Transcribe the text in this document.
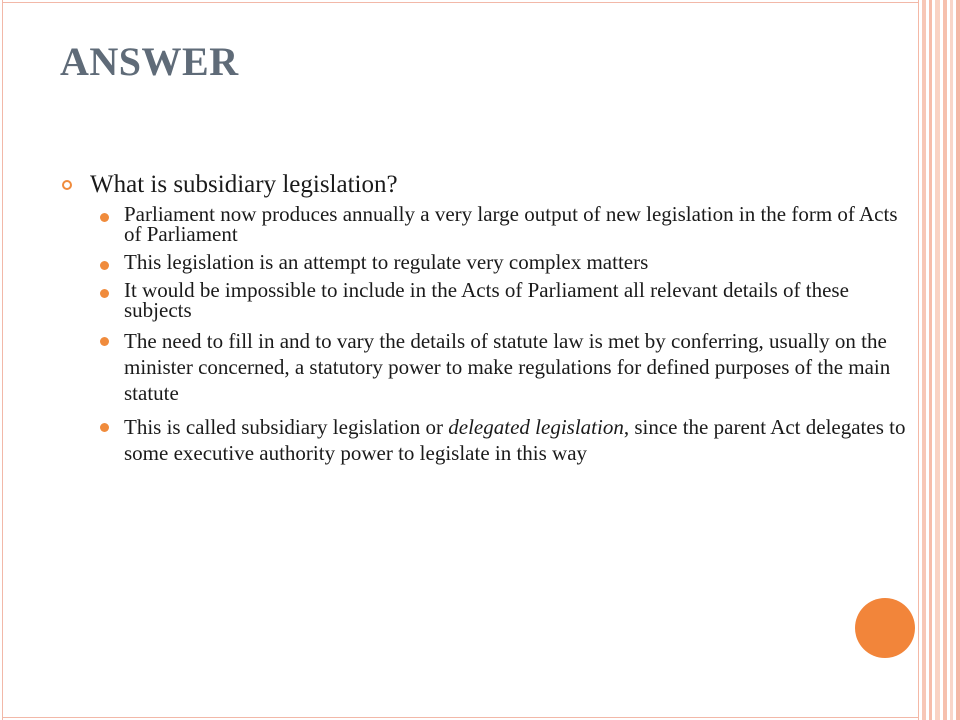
ANSWER
What is subsidiary legislation?
Parliament now produces annually a very large output of new legislation in the form of Acts of Parliament
This legislation is an attempt to regulate very complex matters
It would be impossible to include in the Acts of Parliament all relevant details of these subjects
The need to fill in and to vary the details of statute law is met by conferring, usually on the minister concerned, a statutory power to make regulations for defined purposes of the main statute
This is called subsidiary legislation or delegated legislation, since the parent Act delegates to some executive authority power to legislate in this way
